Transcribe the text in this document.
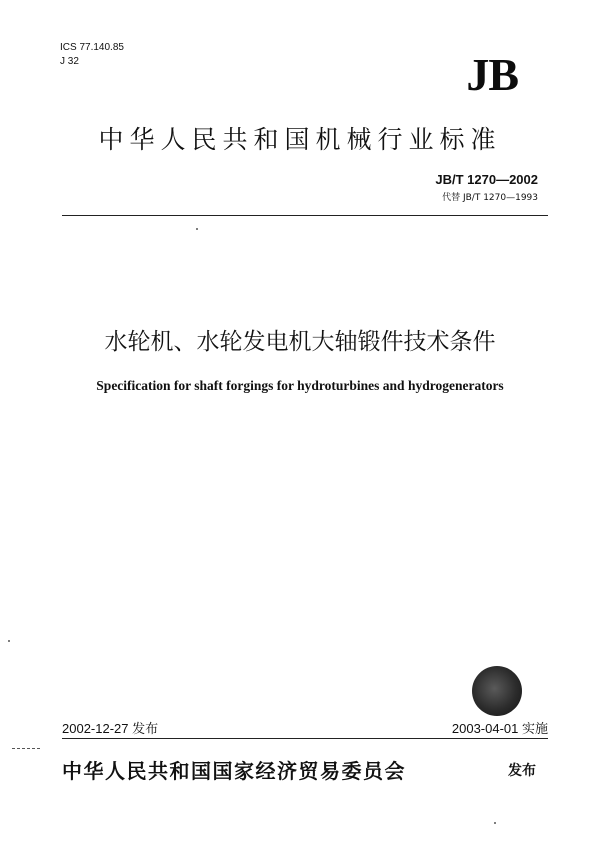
ICS 77.140.85
J 32	JB
中华人民共和国机械行业标准
JB/T 1270—2002
代替 JB/T 1270—1993
水轮机、水轮发电机大轴锻件技术条件
Specification for shaft forgings for hydroturbines and hydrogenerators
2002-12-27 发布	2003-04-01 实施
中华人民共和国国家经济贸易委员会	发布
